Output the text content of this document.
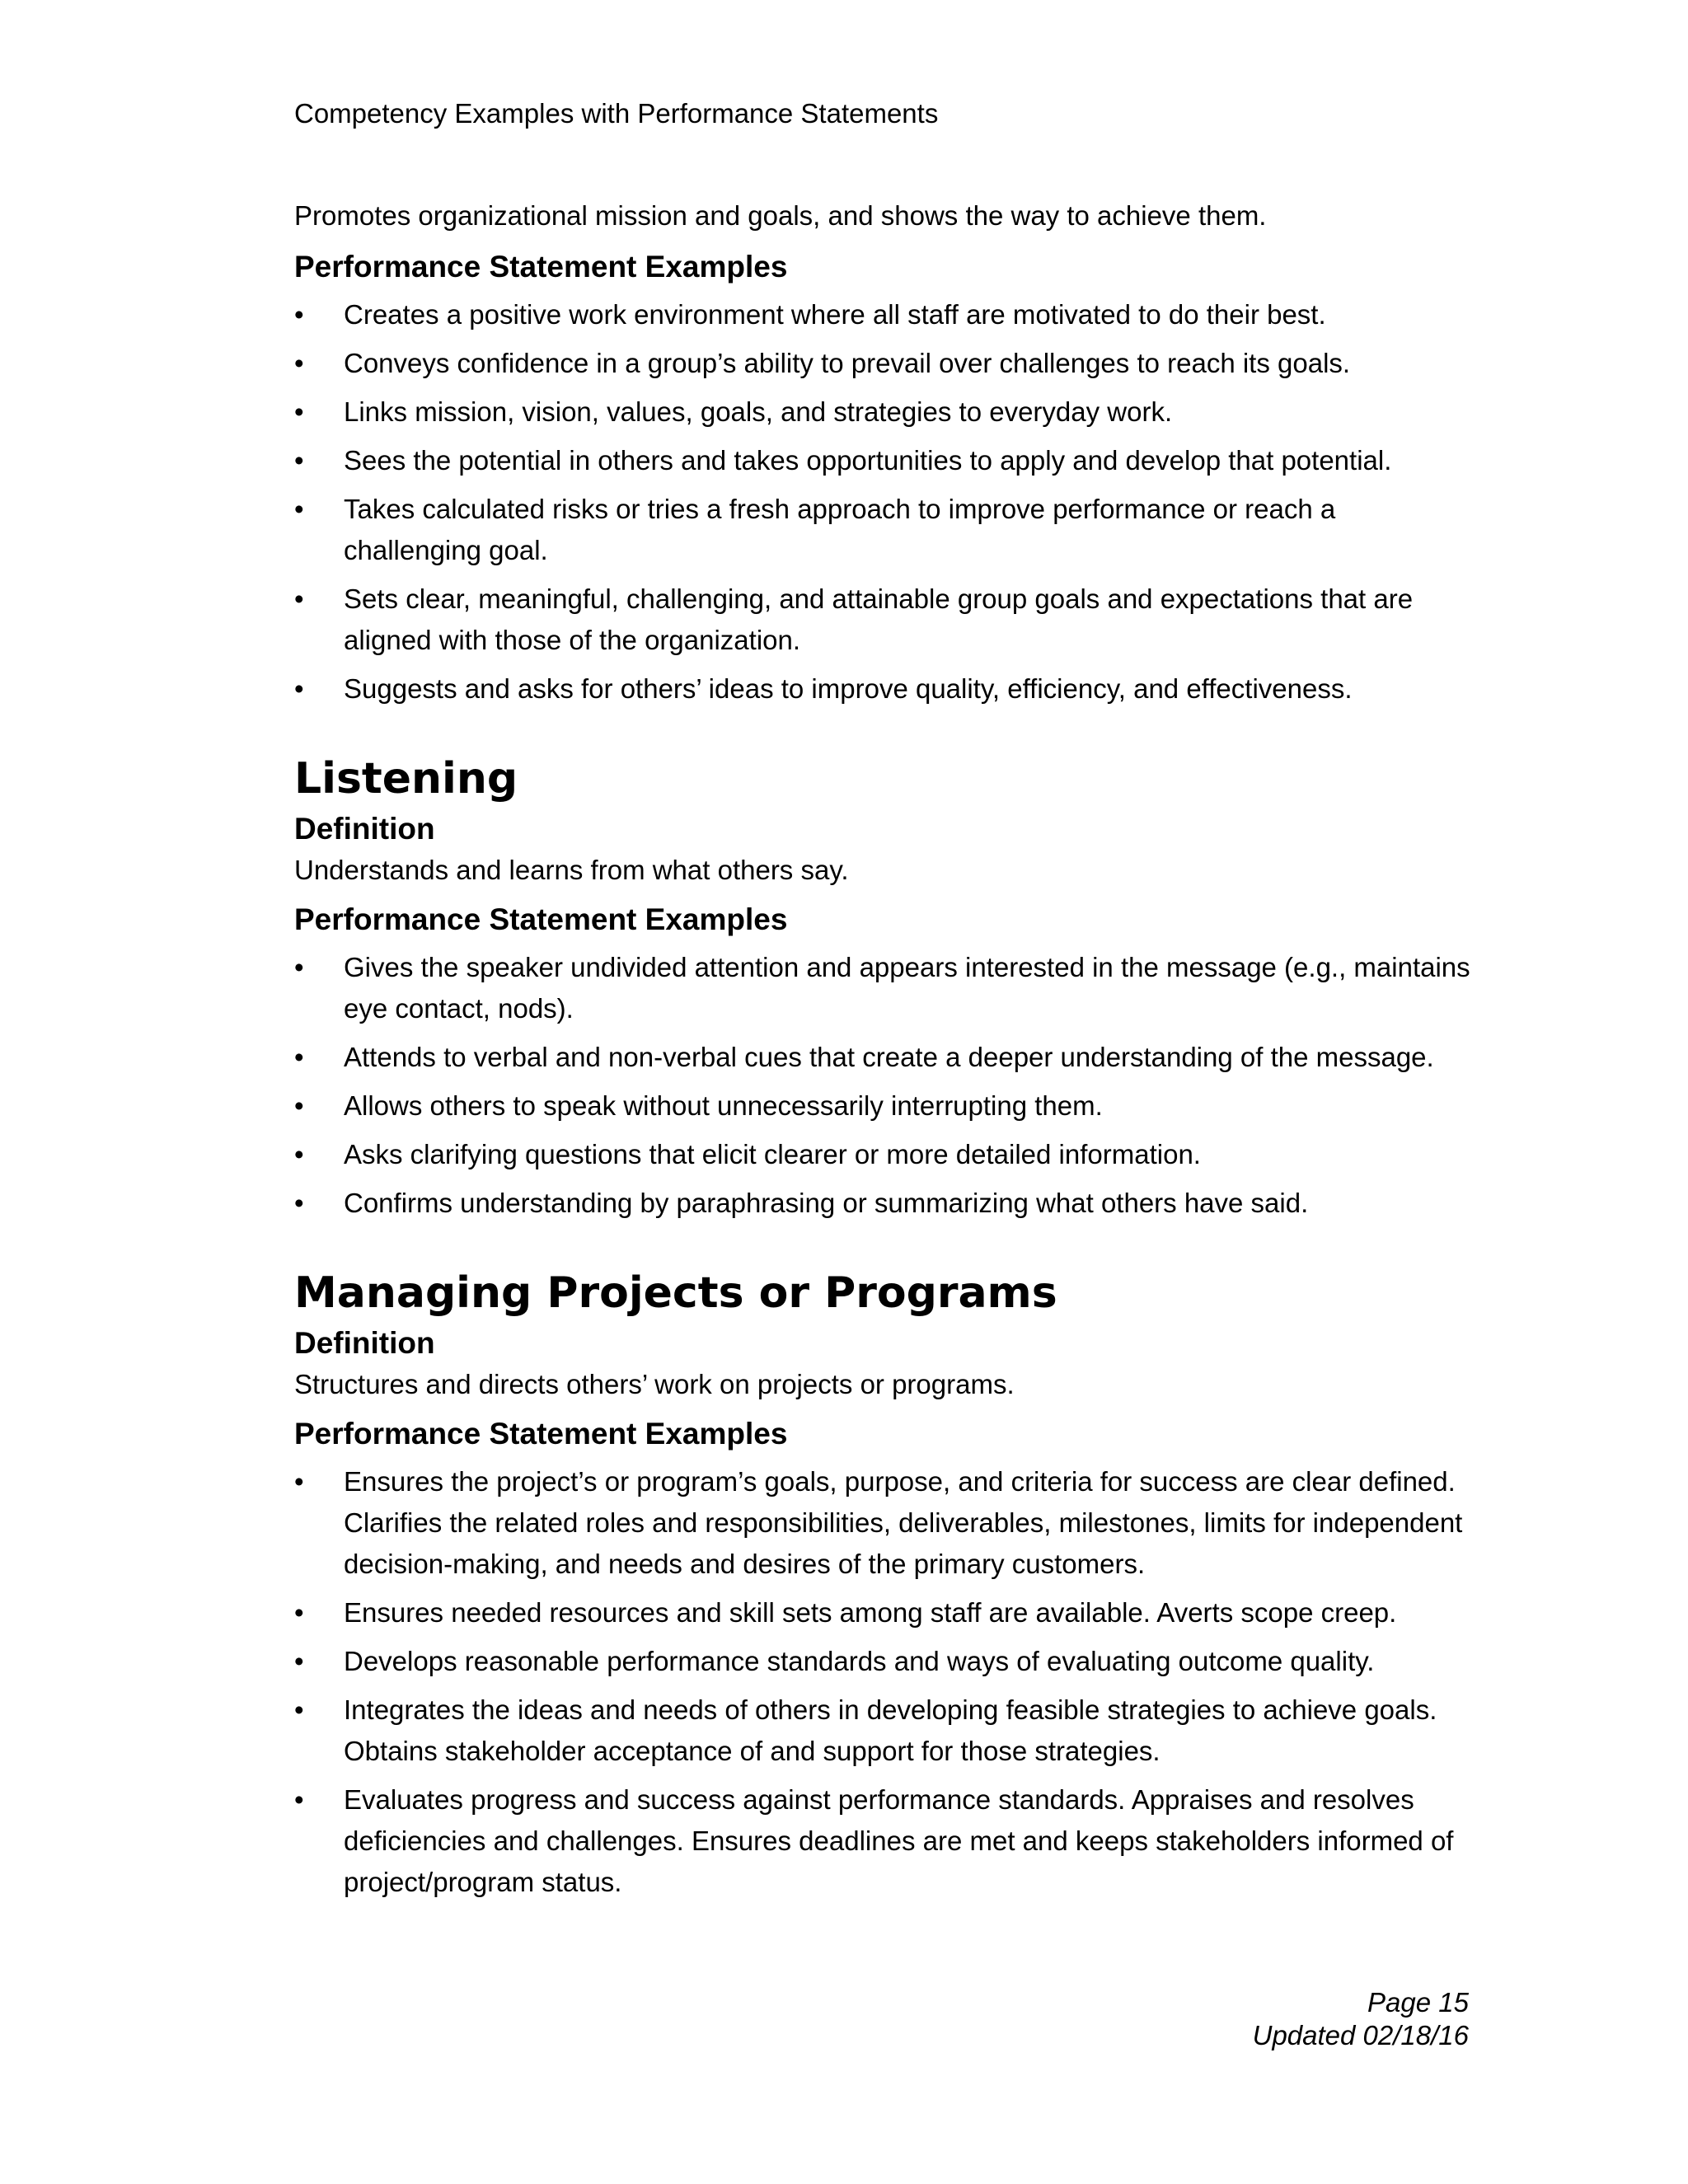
Competency Examples with Performance Statements

Promotes organizational mission and goals, and shows the way to achieve them.

Performance Statement Examples
• Creates a positive work environment where all staff are motivated to do their best.
• Conveys confidence in a group’s ability to prevail over challenges to reach its goals.
• Links mission, vision, values, goals, and strategies to everyday work.
• Sees the potential in others and takes opportunities to apply and develop that potential.
• Takes calculated risks or tries a fresh approach to improve performance or reach a challenging goal.
• Sets clear, meaningful, challenging, and attainable group goals and expectations that are aligned with those of the organization.
• Suggests and asks for others’ ideas to improve quality, efficiency, and effectiveness.
Listening
Definition

Understands and learns from what others say.

Performance Statement Examples
• Gives the speaker undivided attention and appears interested in the message (e.g., maintains eye contact, nods).
• Attends to verbal and non-verbal cues that create a deeper understanding of the message.
• Allows others to speak without unnecessarily interrupting them.
• Asks clarifying questions that elicit clearer or more detailed information.
• Confirms understanding by paraphrasing or summarizing what others have said.
Managing Projects or Programs
Definition

Structures and directs others’ work on projects or programs.

Performance Statement Examples
• Ensures the project’s or program’s goals, purpose, and criteria for success are clear defined. Clarifies the related roles and responsibilities, deliverables, milestones, limits for independent decision-making, and needs and desires of the primary customers.
• Ensures needed resources and skill sets among staff are available. Averts scope creep.
• Develops reasonable performance standards and ways of evaluating outcome quality.
• Integrates the ideas and needs of others in developing feasible strategies to achieve goals. Obtains stakeholder acceptance of and support for those strategies.
• Evaluates progress and success against performance standards. Appraises and resolves deficiencies and challenges. Ensures deadlines are met and keeps stakeholders informed of project/program status.
Page 15
Updated 02/18/16
